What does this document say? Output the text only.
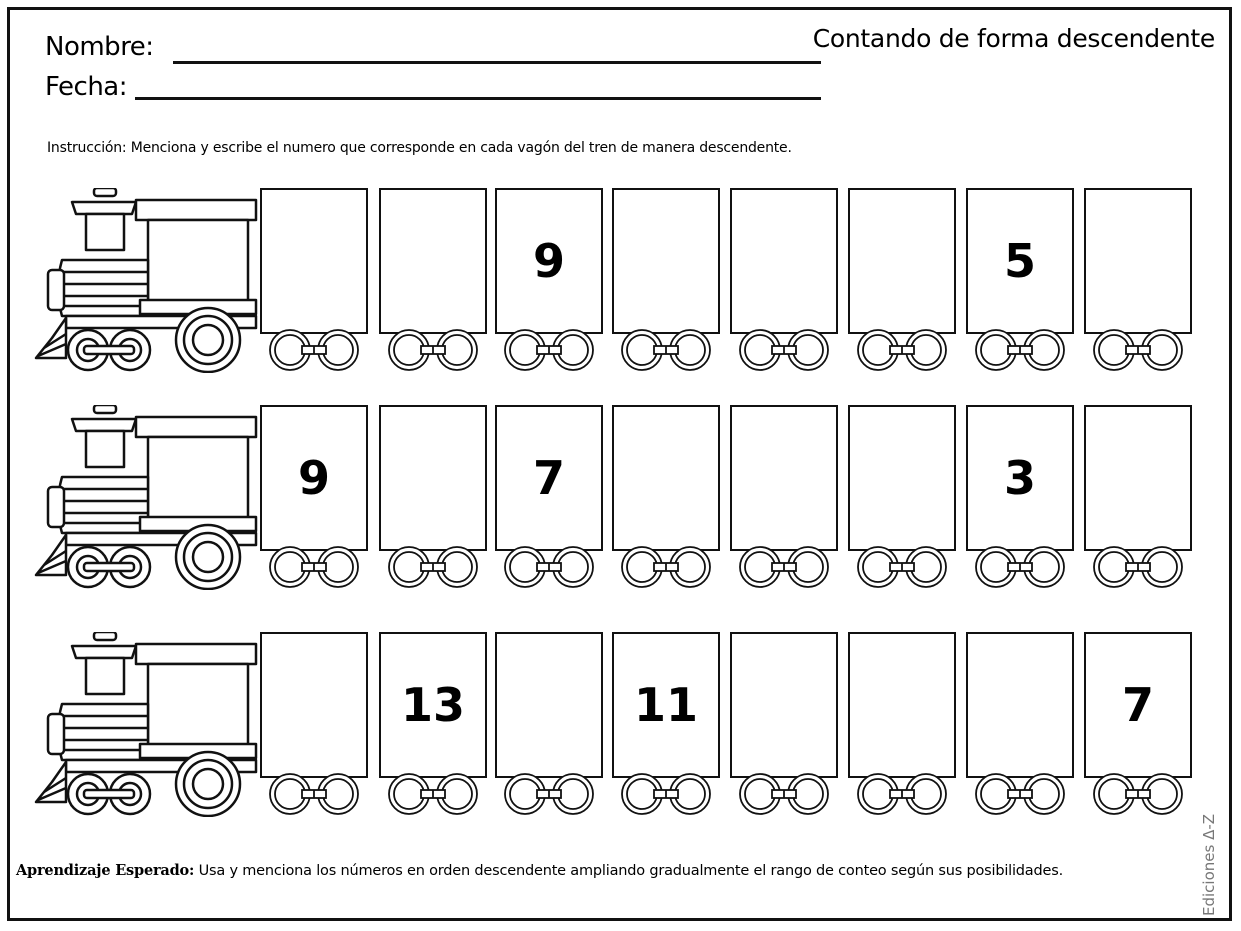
Contando de forma descendente
Nombre:
Fecha:
Instrucción: Menciona y escribe el numero que corresponde en cada vagón del tren de manera descendente.
9	5
9	7	3
13	11	7
Aprendizaje Esperado: Usa y menciona los números en orden descendente ampliando gradualmente el rango de conteo según sus posibilidades.	Ediciones Δ-Z
